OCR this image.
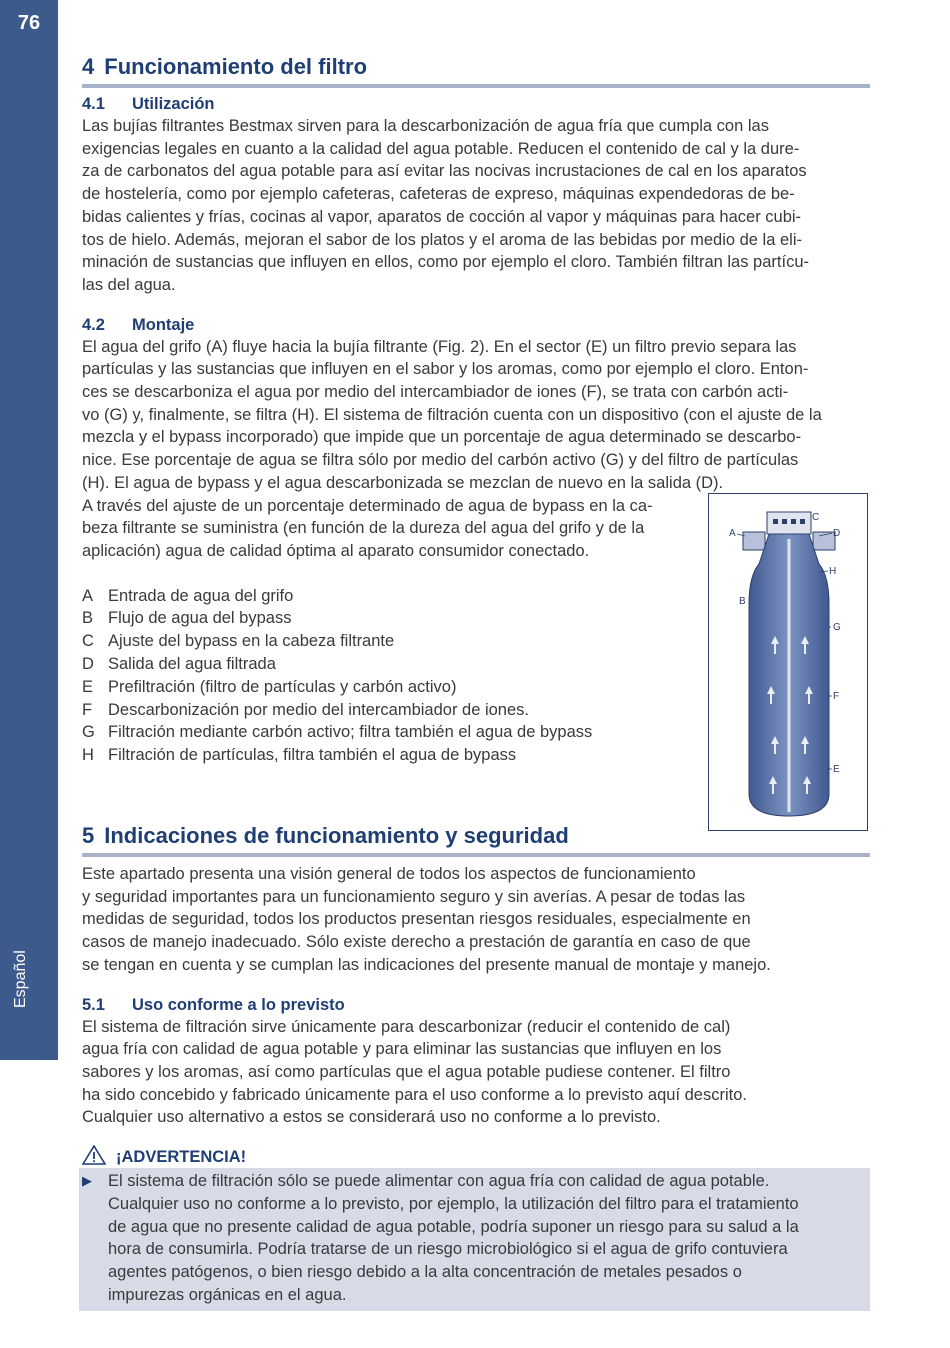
76
Español
4 Funcionamiento del filtro
4.1 Utilización

Las bujías filtrantes Bestmax sirven para la descarbonización de agua fría que cumpla con las

exigencias legales en cuanto a la calidad del agua potable. Reducen el contenido de cal y la dure-

za de carbonatos del agua potable para así evitar las nocivas incrustaciones de cal en los aparatos

de hostelería, como por ejemplo cafeteras, cafeteras de expreso, máquinas expendedoras de be-

bidas calientes y frías, cocinas al vapor, aparatos de cocción al vapor y máquinas para hacer cubi-

tos de hielo. Además, mejoran el sabor de los platos y el aroma de las bebidas por medio de la eli-

minación de sustancias que influyen en ellos, como por ejemplo el cloro. También filtran las partícu-

las del agua.

4.2 Montaje

El agua del grifo (A) fluye hacia la bujía filtrante (Fig. 2). En el sector (E) un filtro previo separa las

partículas y las sustancias que influyen en el sabor y los aromas, como por ejemplo el cloro. Enton-

ces se descarboniza el agua por medio del intercambiador de iones (F), se trata con carbón acti-

vo (G) y, finalmente, se filtra (H). El sistema de filtración cuenta con un dispositivo (con el ajuste de la

mezcla y el bypass incorporado) que impide que un porcentaje de agua determinado se descarbo-

nice. Ese porcentaje de agua se filtra sólo por medio del carbón activo (G) y del filtro de partículas

(H). El agua de bypass y el agua descarbonizada se mezclan de nuevo en la salida (D).

A través del ajuste de un porcentaje determinado de agua de bypass en la ca-

beza filtrante se suministra (en función de la dureza del agua del grifo y de la

aplicación) agua de calidad óptima al aparato consumidor conectado.

A Entrada de agua del grifo
B Flujo de agua del bypass
C Ajuste del bypass en la cabeza filtrante
D Salida del agua filtrada
E Prefiltración (filtro de partículas y carbón activo)
F Descarbonización por medio del intercambiador de iones.
G Filtración mediante carbón activo; filtra también el agua de bypass
H Filtración de partículas, filtra también el agua de bypass
5 Indicaciones de funcionamiento y seguridad

Este apartado presenta una visión general de todos los aspectos de funcionamiento

y seguridad importantes para un funcionamiento seguro y sin averías. A pesar de todas las

medidas de seguridad, todos los productos presentan riesgos residuales, especialmente en

casos de manejo inadecuado. Sólo existe derecho a prestación de garantía en caso de que

se tengan en cuenta y se cumplan las indicaciones del presente manual de montaje y manejo.

5.1 Uso conforme a lo previsto

El sistema de filtración sirve únicamente para descarbonizar (reducir el contenido de cal)

agua fría con calidad de agua potable y para eliminar las sustancias que influyen en los

sabores y los aromas, así como partículas que el agua potable pudiese contener. El filtro

ha sido concebido y fabricado únicamente para el uso conforme a lo previsto aquí descrito.

Cualquier uso alternativo a estos se considerará uso no conforme a lo previsto.

¡ADVERTENCIA!
▶ El sistema de filtración sólo se puede alimentar con agua fría con calidad de agua potable.

Cualquier uso no conforme a lo previsto, por ejemplo, la utilización del filtro para el tratamiento

de agua que no presente calidad de agua potable, podría suponer un riesgo para su salud a la

hora de consumirla. Podría tratarse de un riesgo microbiológico si el agua de grifo contuviera

agentes patógenos, o bien riesgo debido a la alta concentración de metales pesados o

impurezas orgánicas en el agua.

A
C
D
H
B
G
F
E
